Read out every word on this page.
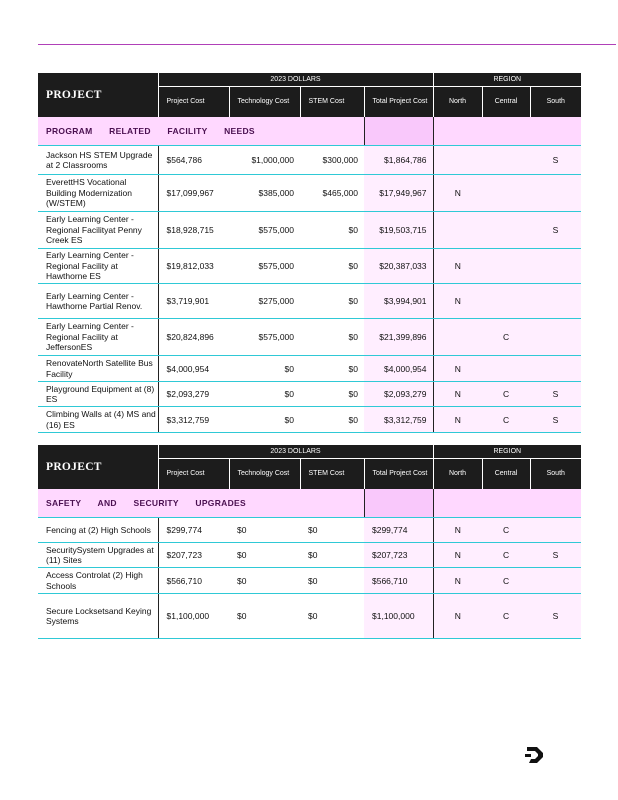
PROJECT	2023 DOLLARS				REGION		
	Project Cost	Technology Cost	STEM Cost	Total Project Cost	North	Central	South
PROGRAM RELATED FACILITY NEEDS							
Jackson HS STEM Upgrade at 2 Classrooms	$564,786	$1,000,000	$300,000	$1,864,786			S
EverettHS Vocational Building Modernization (W/STEM)	$17,099,967	$385,000	$465,000	$17,949,967	N		
Early Learning Center - Regional Facilityat Penny Creek ES	$18,928,715	$575,000	$0	$19,503,715			S
Early Learning Center - Regional Facility at Hawthorne ES	$19,812,033	$575,000	$0	$20,387,033	N		
Early Learning Center - Hawthorne Partial Renov.	$3,719,901	$275,000	$0	$3,994,901	N		
Early Learning Center - Regional Facility at JeffersonES	$20,824,896	$575,000	$0	$21,399,896		C	
RenovateNorth Satellite Bus Facility	$4,000,954	$0	$0	$4,000,954	N		
Playground Equipment at (8) ES	$2,093,279	$0	$0	$2,093,279	N	C	S
Climbing Walls at (4) MS and (16) ES	$3,312,759	$0	$0	$3,312,759	N	C	S
PROJECT	2023 DOLLARS				REGION		
	Project Cost	Technology Cost	STEM Cost	Total Project Cost	North	Central	South
SAFETY AND SECURITY UPGRADES							
Fencing at (2) High Schools	$299,774	$0	$0	$299,774	N	C	
SecuritySystem Upgrades at (11) Sites	$207,723	$0	$0	$207,723	N	C	S
Access Controlat (2) High Schools	$566,710	$0	$0	$566,710	N	C	
Secure Locksetsand Keying Systems	$1,100,000	$0	$0	$1,100,000	N	C	S
